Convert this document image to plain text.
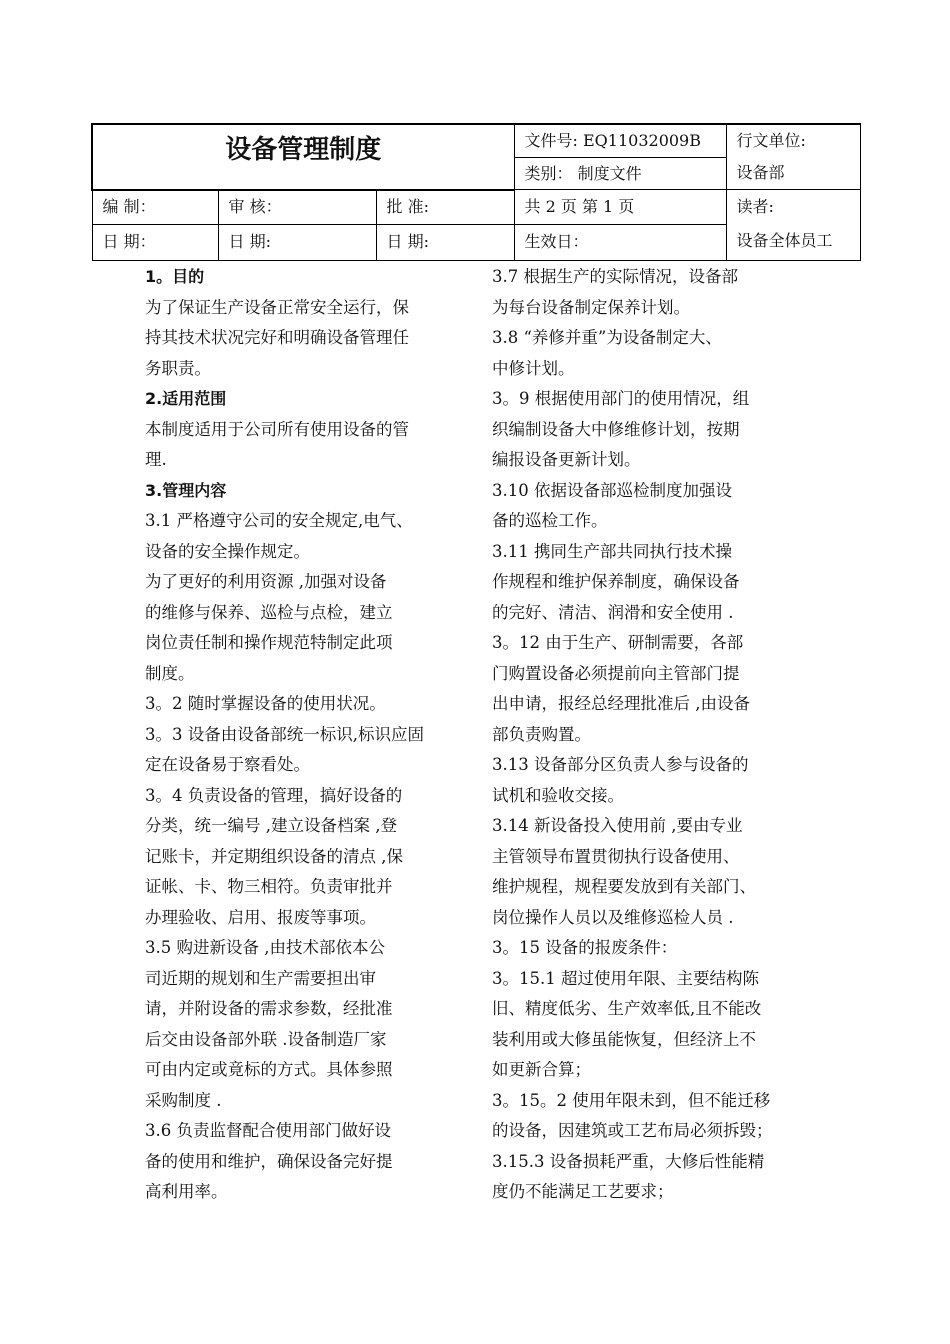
设备管理制度			文件号: EQ11032009B	行文单位:
设备部

			类别： 制度文件	
编 制：	审 核：	批 准:	共 2 页 第 1 页	读者:
设备全体员工

日 期：	日 期:	日 期:	生效日：	
1。目的
为了保证生产设备正常安全运行，保
持其技术状况完好和明确设备管理任
务职责。
2.适用范围
本制度适用于公司所有使用设备的管
理.
3.管理内容
3.1 严格遵守公司的安全规定,电气、
设备的安全操作规定。
为了更好的利用资源 ,加强对设备
的维修与保养、巡检与点检，建立
岗位责任制和操作规范特制定此项
制度。
3。2 随时掌握设备的使用状况。
3。3 设备由设备部统一标识,标识应固
定在设备易于察看处。
3。4 负责设备的管理，搞好设备的
分类，统一编号 ,建立设备档案 ,登
记账卡，并定期组织设备的清点 ,保
证帐、卡、物三相符。负责审批并
办理验收、启用、报废等事项。
3.5 购进新设备 ,由技术部依本公
司近期的规划和生产需要担出审
请，并附设备的需求参数，经批准
后交由设备部外联 .设备制造厂家
可由内定或竟标的方式。具体参照
采购制度 .
3.6 负责监督配合使用部门做好设
备的使用和维护，确保设备完好提
高利用率。
3.7 根据生产的实际情况，设备部
为每台设备制定保养计划。
3.8 “养修并重”为设备制定大、
中修计划。
3。9 根据使用部门的使用情况，组
织编制设备大中修维修计划，按期
编报设备更新计划。
3.10 依据设备部巡检制度加强设
备的巡检工作。
3.11 携同生产部共同执行技术操
作规程和维护保养制度，确保设备
的完好、清洁、润滑和安全使用 .
3。12 由于生产、研制需要，各部
门购置设备必须提前向主管部门提
出申请，报经总经理批准后 ,由设备
部负责购置。
3.13 设备部分区负责人参与设备的
试机和验收交接。
3.14 新设备投入使用前 ,要由专业
主管领导布置贯彻执行设备使用、
维护规程，规程要发放到有关部门、
岗位操作人员以及维修巡检人员 .
3。15 设备的报废条件：
3。15.1 超过使用年限、主要结构陈
旧、精度低劣、生产效率低,且不能改
装利用或大修虽能恢复，但经济上不
如更新合算；
3。15。2 使用年限未到，但不能迁移
的设备，因建筑或工艺布局必须拆毁；
3.15.3 设备损耗严重，大修后性能精
度仍不能满足工艺要求；
